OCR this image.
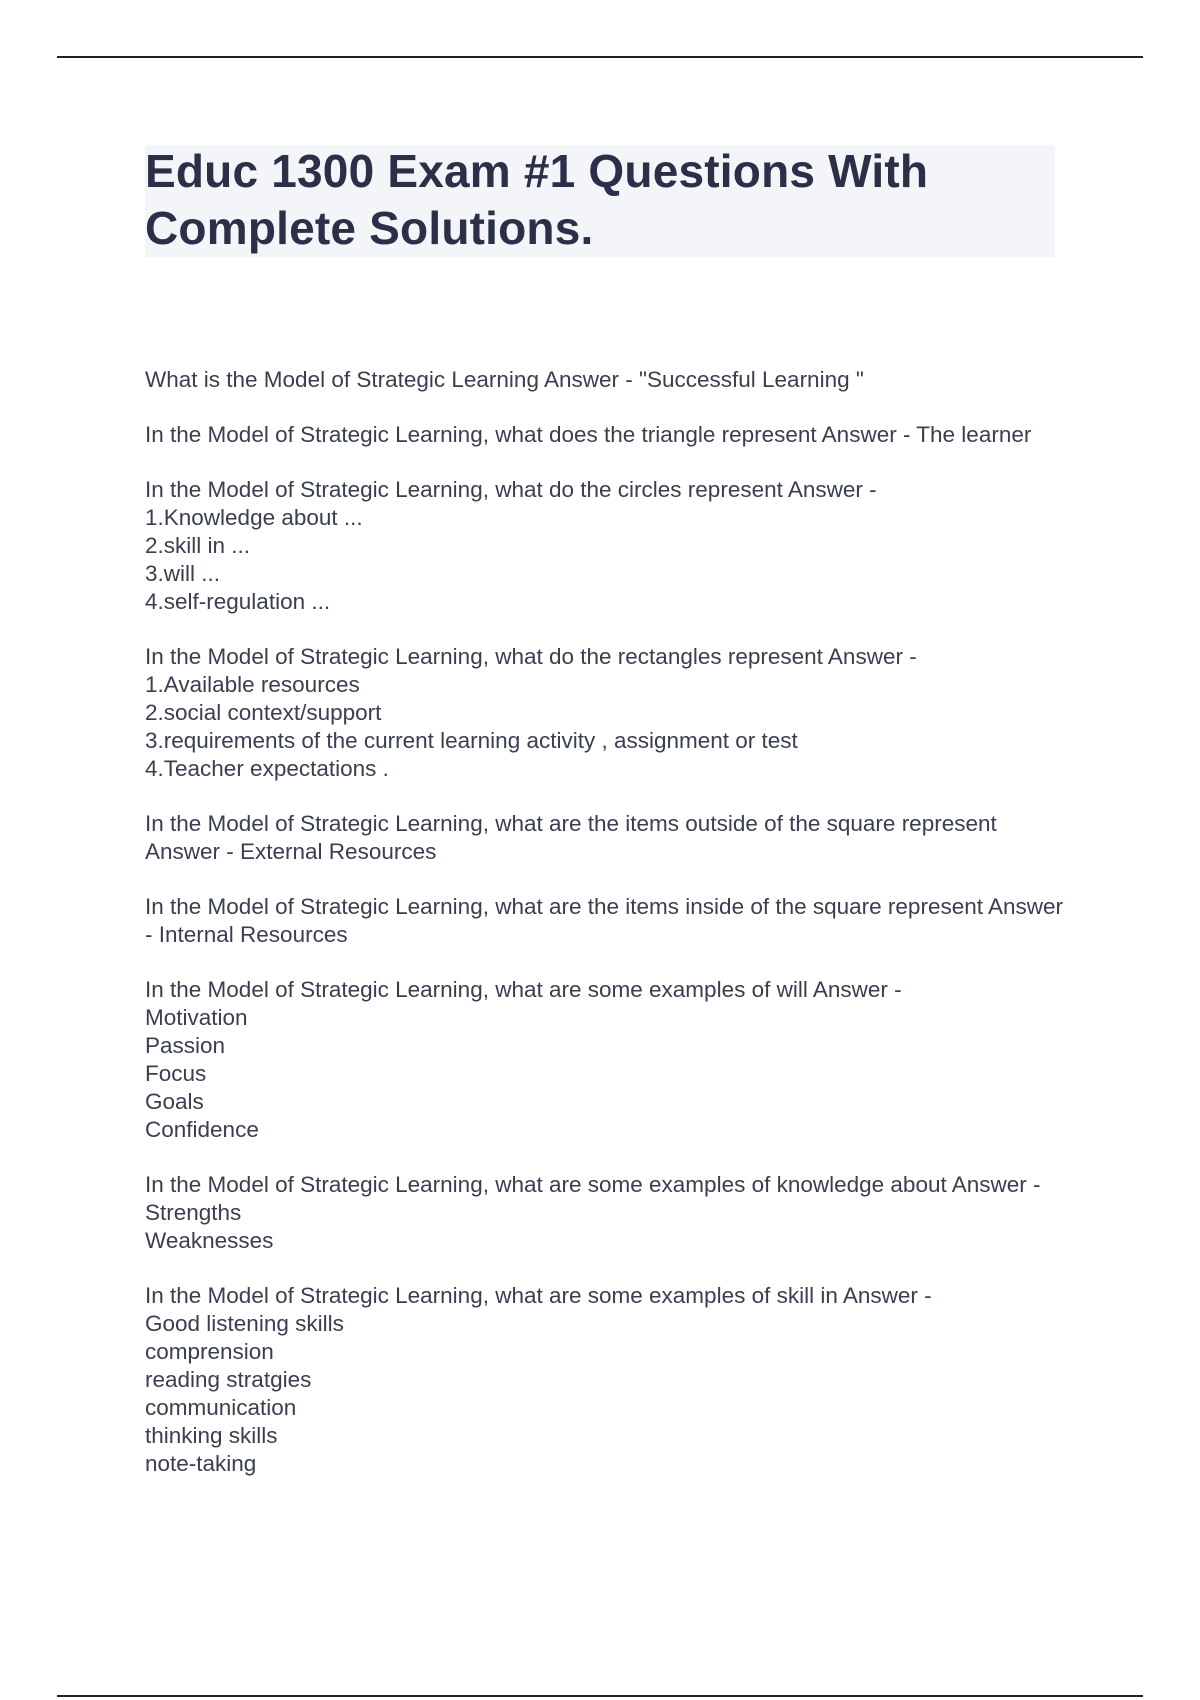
Educ 1300 Exam #1 Questions With Complete Solutions.
What is the Model of Strategic Learning Answer - "Successful Learning "
In the Model of Strategic Learning, what does the triangle represent Answer - The learner
In the Model of Strategic Learning, what do the circles represent Answer -
1.Knowledge about ...
2.skill in ...
3.will ...
4.self-regulation ...
In the Model of Strategic Learning, what do the rectangles represent Answer -
1.Available resources
2.social context/support
3.requirements of the current learning activity , assignment or test
4.Teacher expectations .
In the Model of Strategic Learning, what are the items outside of the square represent Answer - External Resources
In the Model of Strategic Learning, what are the items inside of the square represent Answer - Internal Resources
In the Model of Strategic Learning, what are some examples of will Answer -
Motivation
Passion
Focus
Goals
Confidence
In the Model of Strategic Learning, what are some examples of knowledge about Answer - Strengths
Weaknesses
In the Model of Strategic Learning, what are some examples of skill in Answer -
Good listening skills
comprension
reading stratgies
communication
thinking skills
note-taking
